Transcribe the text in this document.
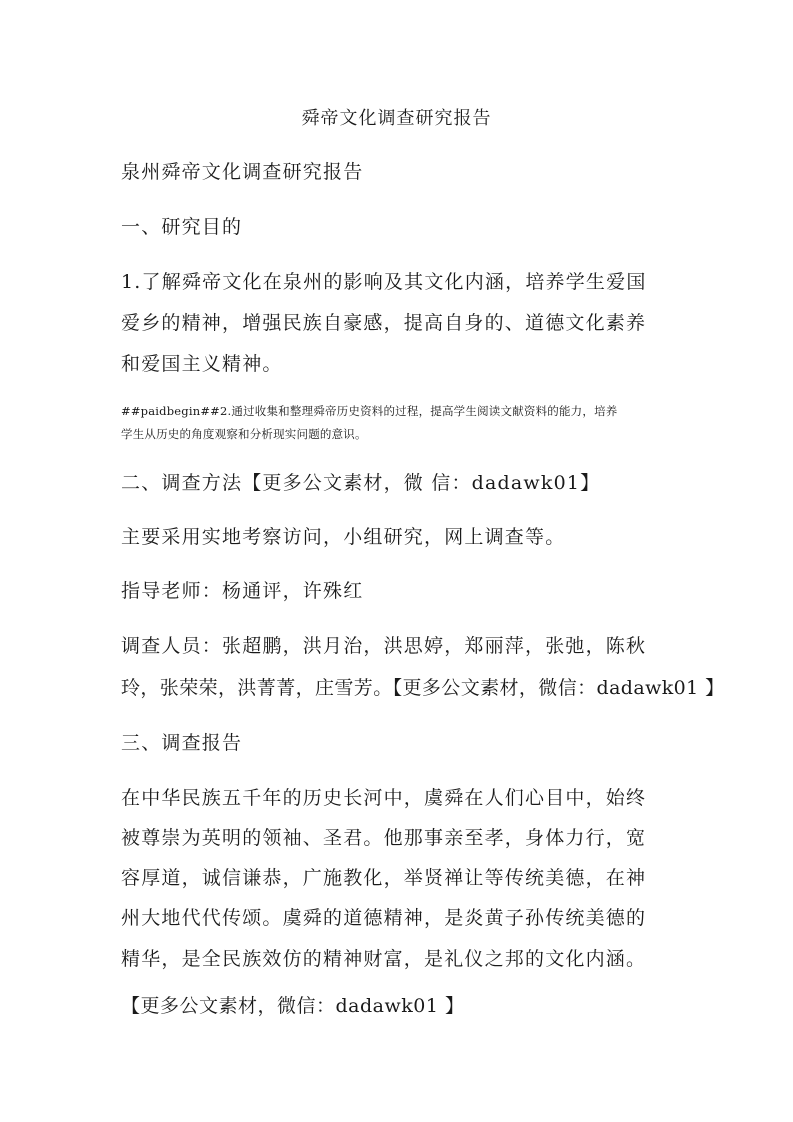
舜帝文化调查研究报告
泉州舜帝文化调查研究报告
一、研究目的
1.了解舜帝文化在泉州的影响及其文化内涵，培养学生爱国
爱乡的精神，增强民族自豪感，提高自身的、道德文化素养
和爱国主义精神。
##paidbegin##2.通过收集和整理舜帝历史资料的过程，提高学生阅读文献资料的能力，培养
学生从历史的角度观察和分析现实问题的意识。
二、调查方法【更多公文素材，微 信：dadawk01】
主要采用实地考察访问，小组研究，网上调查等。
指导老师：杨通评，许殊红
调查人员：张超鹏，洪月治，洪思婷，郑丽萍，张弛，陈秋
玲，张荣荣，洪菁菁，庄雪芳。【更多公文素材，微信：dadawk01 】
三、调查报告
在中华民族五千年的历史长河中，虞舜在人们心目中，始终
被尊崇为英明的领袖、圣君。他那事亲至孝，身体力行，宽
容厚道，诚信谦恭，广施教化，举贤禅让等传统美德，在神
州大地代代传颂。虞舜的道德精神，是炎黄子孙传统美德的
精华，是全民族效仿的精神财富，是礼仪之邦的文化内涵。
【更多公文素材，微信：dadawk01 】
